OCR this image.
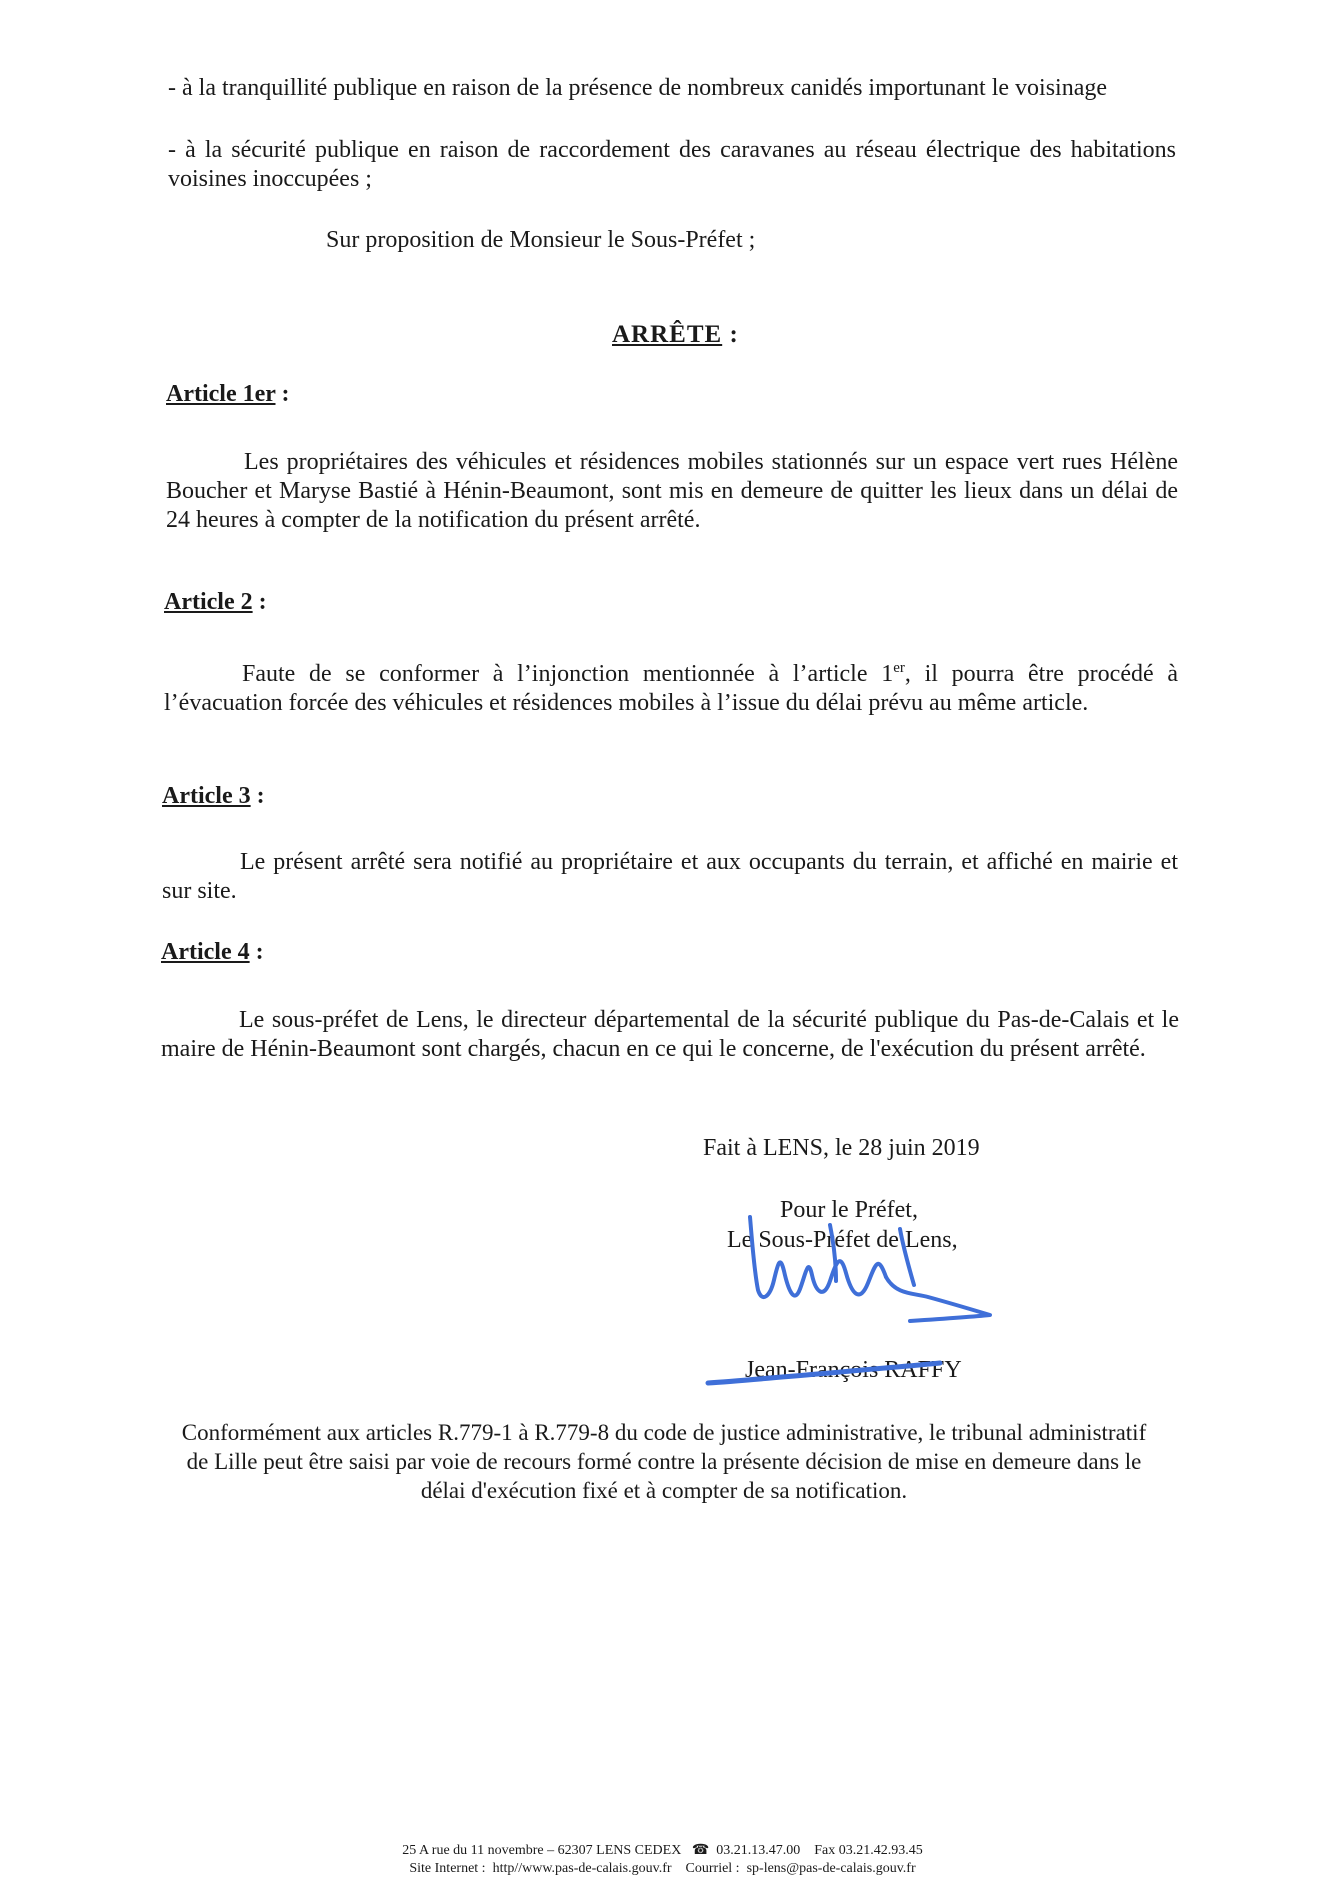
- à la tranquillité publique en raison de la présence de nombreux canidés importunant le voisinage
- à la sécurité publique en raison de raccordement des caravanes au réseau électrique des habitations voisines inoccupées ;
Sur proposition de Monsieur le Sous-Préfet ;
ARRÊTE :
Article 1er :
Les propriétaires des véhicules et résidences mobiles stationnés sur un espace vert rues Hélène Boucher et Maryse Bastié à Hénin-Beaumont, sont mis en demeure de quitter les lieux dans un délai de 24 heures à compter de la notification du présent arrêté.
Article 2 :
Faute de se conformer à l’injonction mentionnée à l’article 1er, il pourra être procédé à l’évacuation forcée des véhicules et résidences mobiles à l’issue du délai prévu au même article.
Article 3 :
Le présent arrêté sera notifié au propriétaire et aux occupants du terrain, et affiché en mairie et sur site.
Article 4 :
Le sous-préfet de Lens, le directeur départemental de la sécurité publique du Pas-de-Calais et le maire de Hénin-Beaumont sont chargés, chacun en ce qui le concerne, de l'exécution du présent arrêté.
Fait à LENS, le 28 juin 2019
Pour le Préfet,
Le Sous-Préfet de Lens,
Jean-François RAFFY
Conformément aux articles R.779-1 à R.779-8 du code de justice administrative, le tribunal administratif de Lille peut être saisi par voie de recours formé contre la présente décision de mise en demeure dans le délai d'exécution fixé et à compter de sa notification.
25 A rue du 11 novembre – 62307 LENS CEDEX ☎ 03.21.13.47.00 Fax 03.21.42.93.45
Site Internet : http//www.pas-de-calais.gouv.fr Courriel : sp-lens@pas-de-calais.gouv.fr
